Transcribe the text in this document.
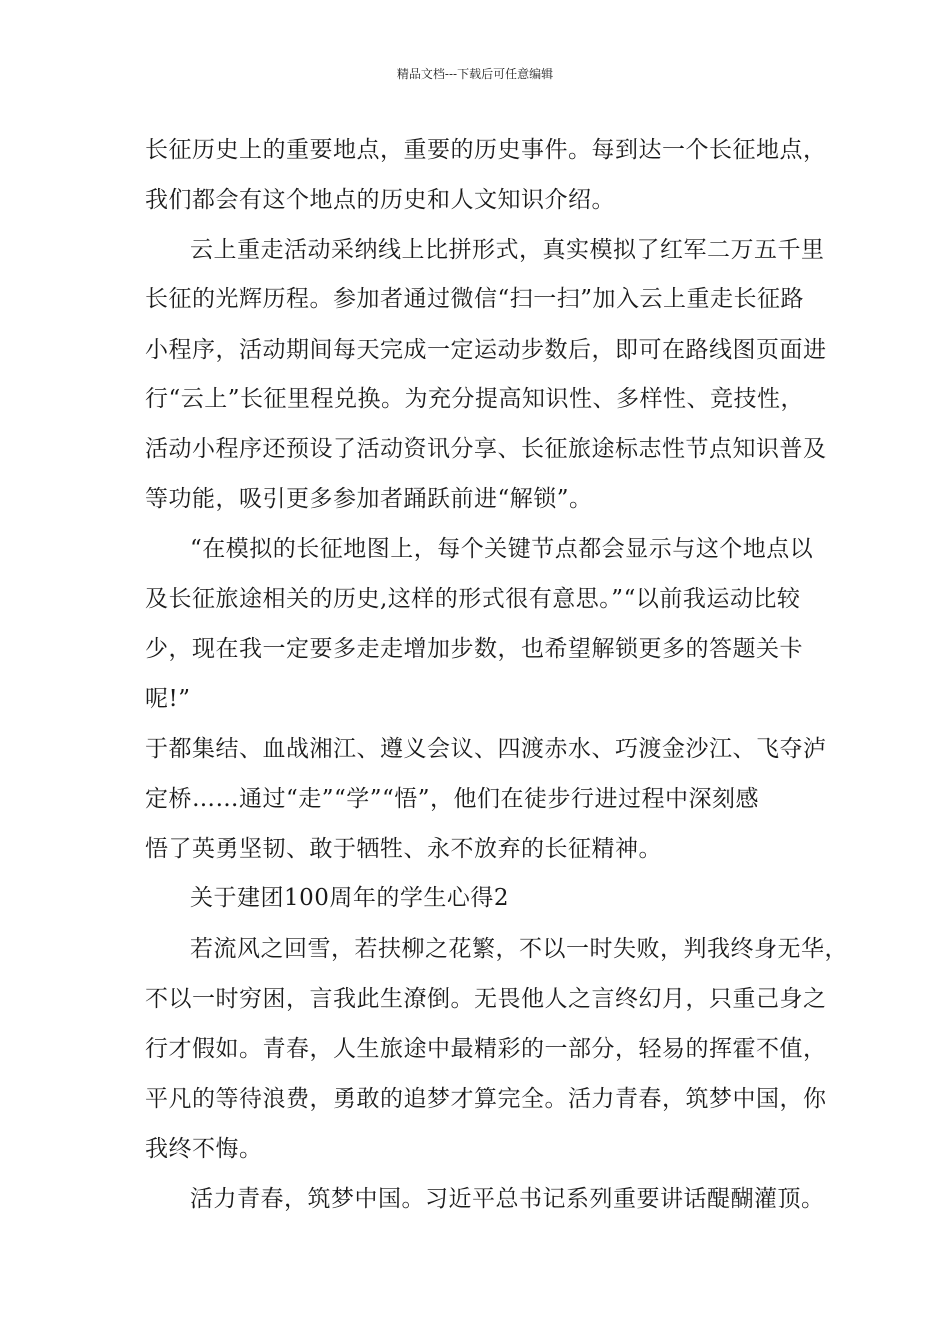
精品文档---下载后可任意编辑
长征历史上的重要地点，重要的历史事件。每到达一个长征地点，
我们都会有这个地点的历史和人文知识介绍。
云上重走活动采纳线上比拼形式，真实模拟了红军二万五千里
长征的光辉历程。参加者通过微信“扫一扫”加入云上重走长征路
小程序，活动期间每天完成一定运动步数后，即可在路线图页面进
行“云上”长征里程兑换。为充分提高知识性、多样性、竞技性，
活动小程序还预设了活动资讯分享、长征旅途标志性节点知识普及
等功能，吸引更多参加者踊跃前进“解锁”。
“在模拟的长征地图上，每个关键节点都会显示与这个地点以
及长征旅途相关的历史,这样的形式很有意思。”“以前我运动比较
少，现在我一定要多走走增加步数，也希望解锁更多的答题关卡
呢!”
于都集结、血战湘江、遵义会议、四渡赤水、巧渡金沙江、飞夺泸
定桥……通过“走”“学”“悟”，他们在徒步行进过程中深刻感
悟了英勇坚韧、敢于牺牲、永不放弃的长征精神。
关于建团100周年的学生心得2
若流风之回雪，若扶柳之花繁，不以一时失败，判我终身无华，
不以一时穷困，言我此生潦倒。无畏他人之言终幻月，只重己身之
行才假如。青春，人生旅途中最精彩的一部分，轻易的挥霍不值，
平凡的等待浪费，勇敢的追梦才算完全。活力青春，筑梦中国，你
我终不悔。
活力青春，筑梦中国。习近平总书记系列重要讲话醍醐灌顶。
